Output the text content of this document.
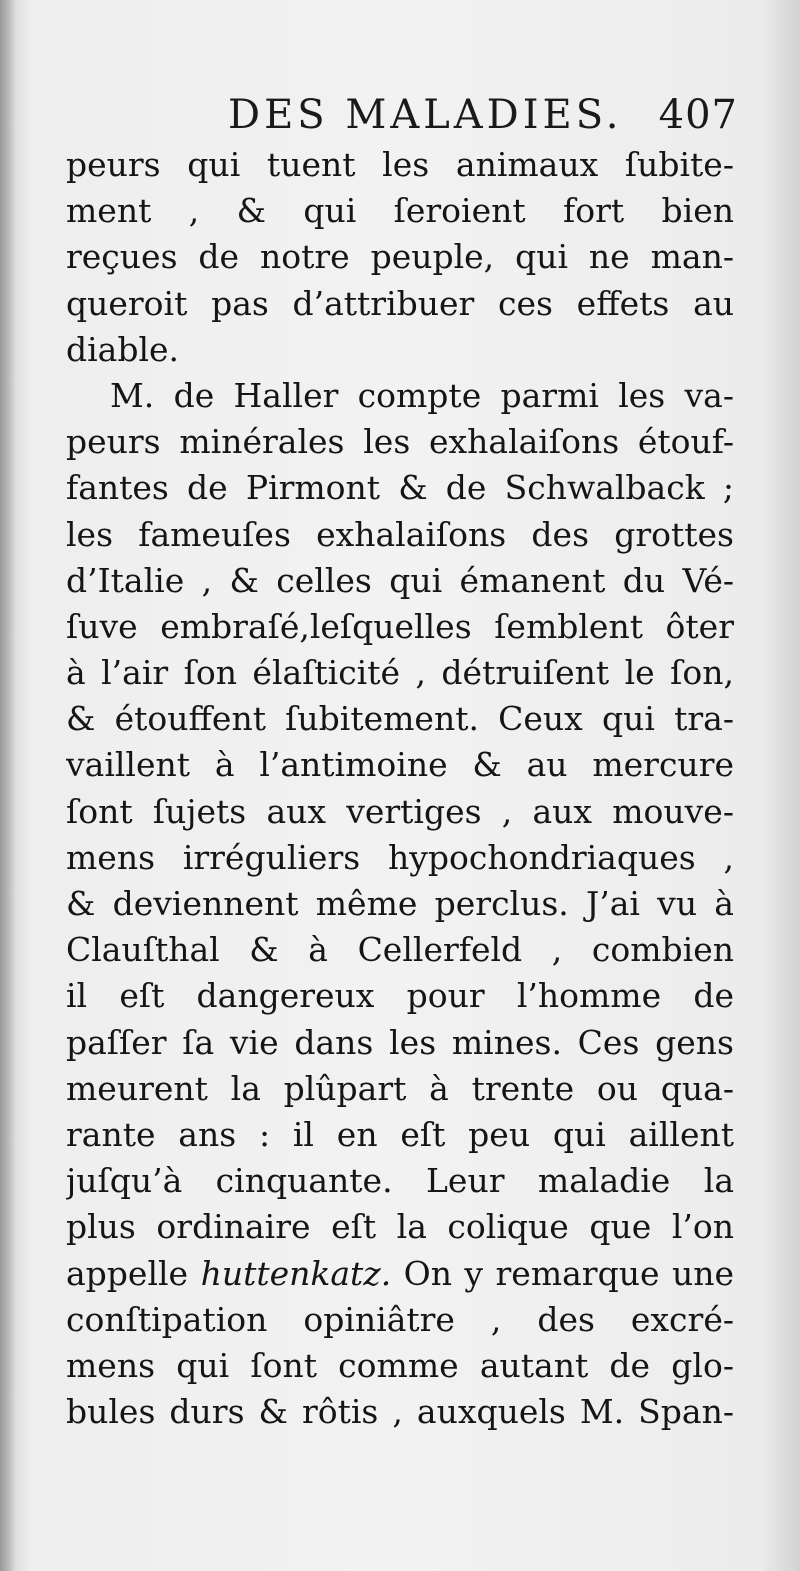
DES MALADIES. 407
peurs qui tuent les animaux ſubite-
ment , & qui ſeroient fort bien
reçues de notre peuple, qui ne man-
queroit pas d’attribuer ces effets au
diable.
M. de Haller compte parmi les va-
peurs minérales les exhalaiſons étouf-
fantes de Pirmont & de Schwalback ;
les fameuſes exhalaiſons des grottes
d’Italie , & celles qui émanent du Vé-
ſuve embraſé,leſquelles ſemblent ôter
à l’air ſon élaſticité , détruiſent le ſon,
& étouffent ſubitement. Ceux qui tra-
vaillent à l’antimoine & au mercure
ſont ſujets aux vertiges , aux mouve-
mens irréguliers hypochondriaques ,
& deviennent même perclus. J’ai vu à
Clauſthal & à Cellerfeld , combien
il eſt dangereux pour l’homme de
paſſer ſa vie dans les mines. Ces gens
meurent la plûpart à trente ou qua-
rante ans : il en eſt peu qui aillent
juſqu’à cinquante. Leur maladie la
plus ordinaire eſt la colique que l’on
appelle huttenkatz. On y remarque une
conſtipation opiniâtre , des excré-
mens qui ſont comme autant de glo-
bules durs & rôtis , auxquels M. Span-
